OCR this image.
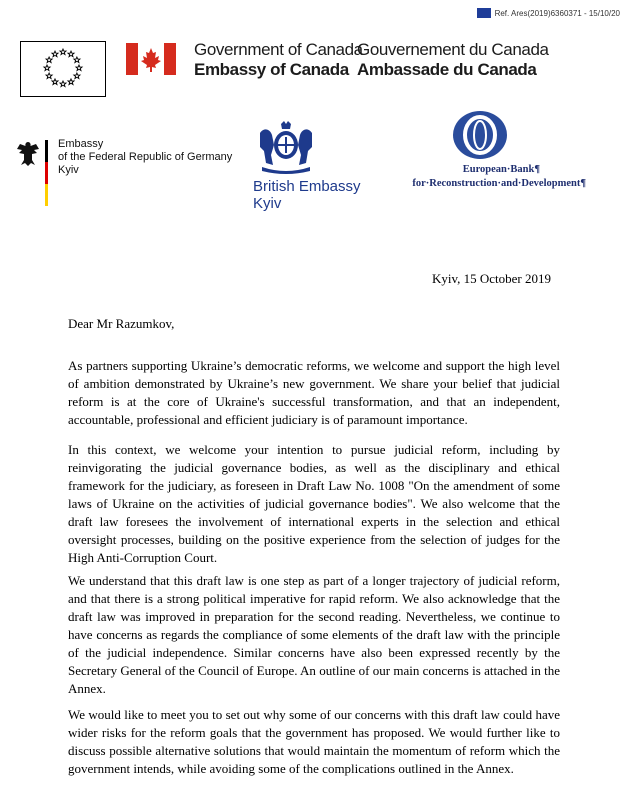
Ref. Ares(2019)6360371 - 15/10/20
Government of Canada
Embassy of Canada
Gouvernement du Canada
Ambassade du Canada
Embassy
of the Federal Republic of Germany
Kyiv
British Embassy
Kyiv
European·Bank¶
for·Reconstruction·and·Development¶
Kyiv, 15 October 2019
Dear Mr Razumkov,

As partners supporting Ukraine’s democratic reforms, we welcome and support the high level of ambition demonstrated by Ukraine’s new government. We share your belief that judicial reform is at the core of Ukraine's successful transformation, and that an independent, accountable, professional and efficient judiciary is of paramount importance.

In this context, we welcome your intention to pursue judicial reform, including by reinvigorating the judicial governance bodies, as well as the disciplinary and ethical framework for the judiciary, as foreseen in Draft Law No. 1008 "On the amendment of some laws of Ukraine on the activities of judicial governance bodies". We also welcome that the draft law foresees the involvement of international experts in the selection and ethical oversight processes, building on the positive experience from the selection of judges for the High Anti-Corruption Court.

We understand that this draft law is one step as part of a longer trajectory of judicial reform, and that there is a strong political imperative for rapid reform. We also acknowledge that the draft law was improved in preparation for the second reading. Nevertheless, we continue to have concerns as regards the compliance of some elements of the draft law with the principle of the judicial independence. Similar concerns have also been expressed recently by the Secretary General of the Council of Europe. An outline of our main concerns is attached in the Annex.

We would like to meet you to set out why some of our concerns with this draft law could have wider risks for the reform goals that the government has proposed. We would further like to discuss possible alternative solutions that would maintain the momentum of reform which the government intends, while avoiding some of the complications outlined in the Annex.
